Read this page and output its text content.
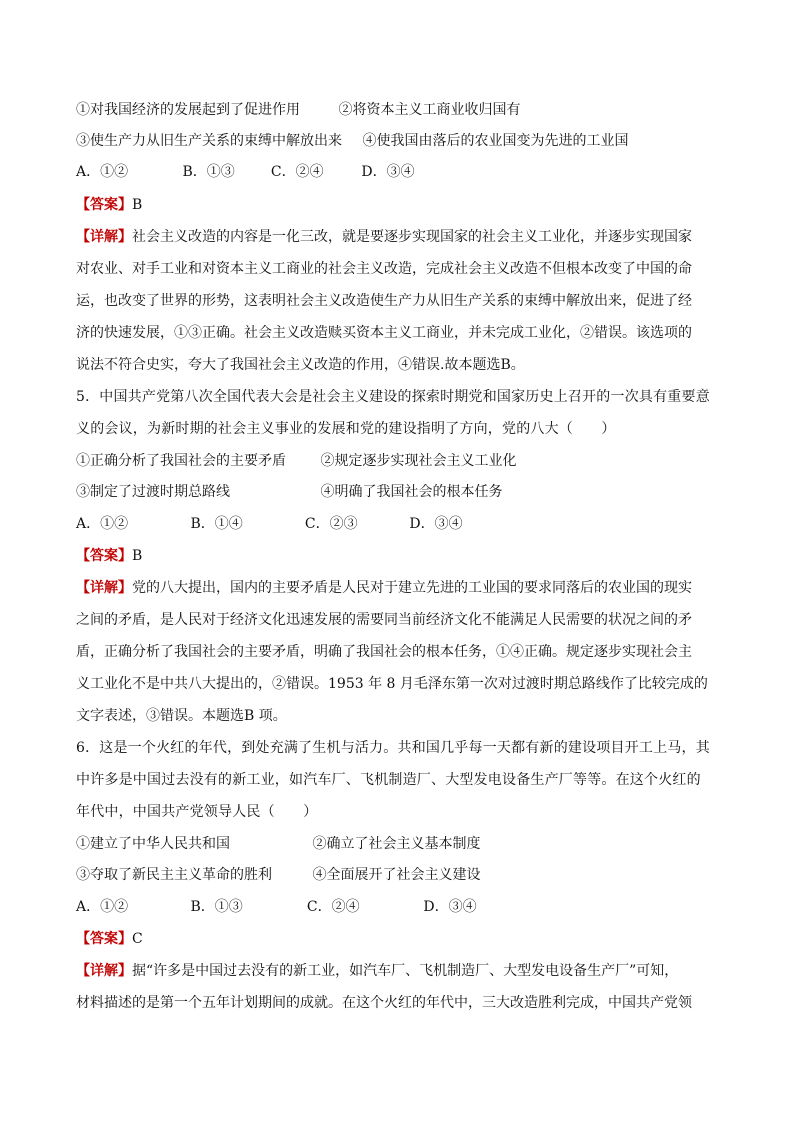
①对我国经济的发展起到了促进作用	②将资本主义工商业收归国有
③使生产力从旧生产关系的束缚中解放出来 ④使我国由落后的农业国变为先进的工业国
A．①②	B．①③	C．②④	D．③④
【答案】B
【详解】社会主义改造的内容是一化三改，就是要逐步实现国家的社会主义工业化，并逐步实现国家
对农业、对手工业和对资本主义工商业的社会主义改造，完成社会主义改造不但根本改变了中国的命
运，也改变了世界的形势，这表明社会主义改造使生产力从旧生产关系的束缚中解放出来，促进了经
济的快速发展，①③正确。社会主义改造赎买资本主义工商业，并未完成工业化，②错误。该选项的
说法不符合史实，夸大了我国社会主义改造的作用，④错误.故本题选B。
5．中国共产党第八次全国代表大会是社会主义建设的探索时期党和国家历史上召开的一次具有重要意
义的会议，为新时期的社会主义事业的发展和党的建设指明了方向，党的八大（　　）
①正确分析了我国社会的主要矛盾 ②规定逐步实现社会主义工业化
③制定了过渡时期总路线	④明确了我国社会的根本任务
A．①②	B．①④	C．②③	D．③④
【答案】B
【详解】党的八大提出，国内的主要矛盾是人民对于建立先进的工业国的要求同落后的农业国的现实
之间的矛盾，是人民对于经济文化迅速发展的需要同当前经济文化不能满足人民需要的状况之间的矛
盾，正确分析了我国社会的主要矛盾，明确了我国社会的根本任务，①④正确。规定逐步实现社会主
义工业化不是中共八大提出的，②错误。1953 年 8 月毛泽东第一次对过渡时期总路线作了比较完成的
文字表述，③错误。本题选B 项。
6．这是一个火红的年代，到处充满了生机与活力。共和国几乎每一天都有新的建设项目开工上马，其
中许多是中国过去没有的新工业，如汽车厂、飞机制造厂、大型发电设备生产厂等等。在这个火红的
年代中，中国共产党领导人民（　　）
①建立了中华人民共和国	②确立了社会主义基本制度
③夺取了新民主主义革命的胜利	④全面展开了社会主义建设
A．①②	B．①③	C．②④	D．③④
【答案】C
【详解】据“许多是中国过去没有的新工业，如汽车厂、飞机制造厂、大型发电设备生产厂”可知，
材料描述的是第一个五年计划期间的成就。在这个火红的年代中，三大改造胜利完成，中国共产党领
